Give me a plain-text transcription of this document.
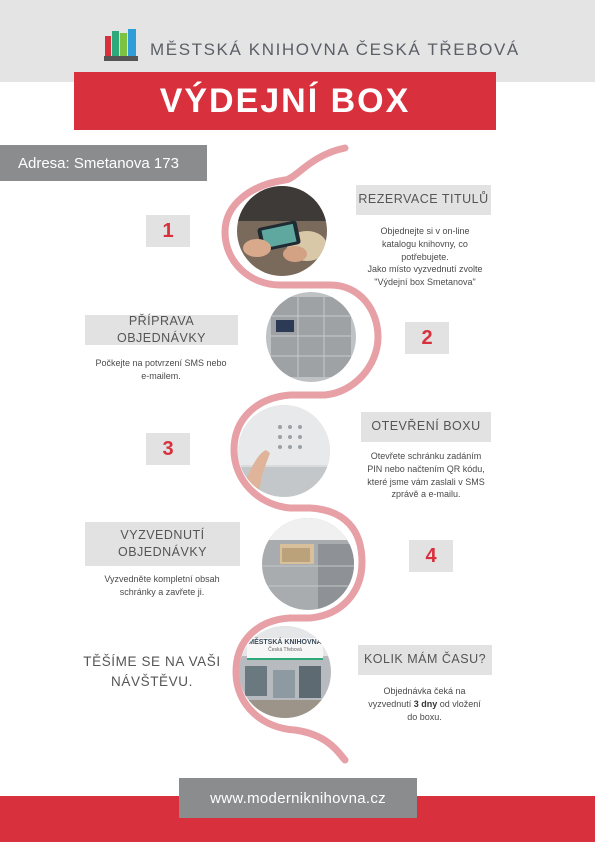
MĚSTSKÁ KNIHOVNA ČESKÁ TŘEBOVÁ
VÝDEJNÍ BOX
Adresa: Smetanova 173
1
REZERVACE TITULŮ
Objednejte si v on-line
katalogu knihovny, co
potřebujete.
Jako místo vyzvednutí zvolte
"Výdejní box Smetanova"
PŘÍPRAVA OBJEDNÁVKY
Počkejte na potvrzení SMS nebo
e-mailem.
2
3
OTEVŘENÍ BOXU
Otevřete schránku zadáním
PIN nebo načtením QR kódu,
které jsme vám zaslali v SMS
zprávě a e-mailu.
VYZVEDNUTÍ
OBJEDNÁVKY
Vyzvedněte kompletní obsah
schránky a zavřete ji.
4
TĚŠÍME SE NA VAŠI
NÁVŠTĚVU.
MĚSTSKÁ KNIHOVNA
Česká Třebová
KOLIK MÁM ČASU?
Objednávka čeká na
vyzvednutí 3 dny od vložení
do boxu.
www.moderniknihovna.cz
